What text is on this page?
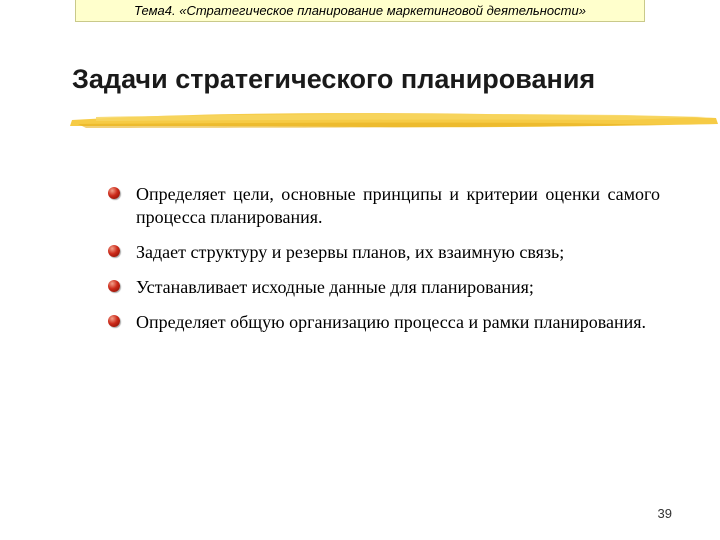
Тема4. «Стратегическое планирование маркетинговой деятельности»
Задачи стратегического планирования
Определяет цели, основные принципы и критерии оценки самого процесса планирования.
Задает структуру и резервы планов, их взаимную связь;
Устанавливает исходные данные для планирования;
Определяет общую организацию процесса и рамки планирования.
39
